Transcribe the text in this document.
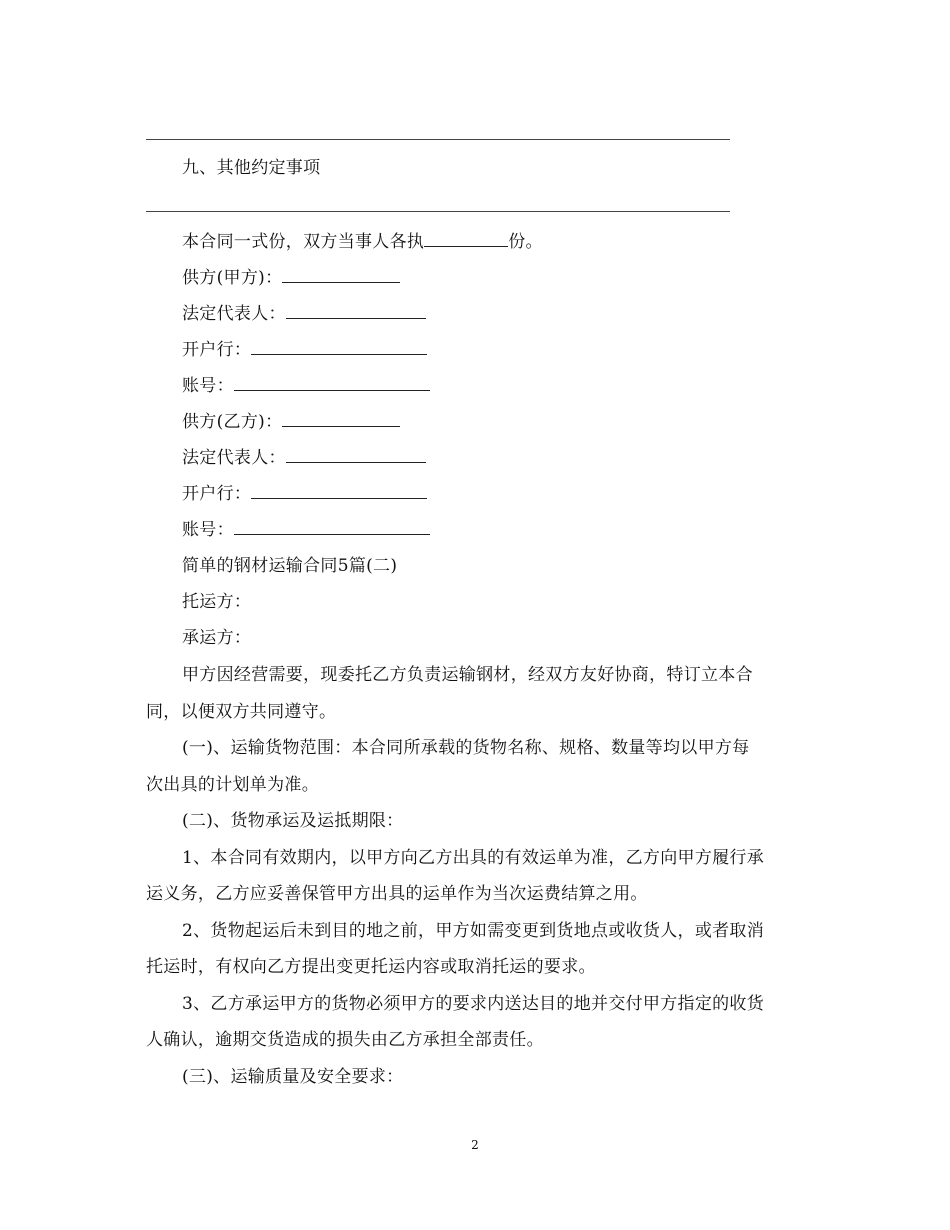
九、其他约定事项
本合同一式份，双方当事人各执	份。
供方(甲方)：
法定代表人：
开户行：
账号：
供方(乙方)：
法定代表人：
开户行：
账号：
简单的钢材运输合同5篇(二)
托运方：
承运方：
甲方因经营需要，现委托乙方负责运输钢材，经双方友好协商，特订立本合
同，以便双方共同遵守。
(一)、运输货物范围：本合同所承载的货物名称、规格、数量等均以甲方每
次出具的计划单为准。
(二)、货物承运及运抵期限：
1、本合同有效期内，以甲方向乙方出具的有效运单为准，乙方向甲方履行承
运义务，乙方应妥善保管甲方出具的运单作为当次运费结算之用。
2、货物起运后未到目的地之前，甲方如需变更到货地点或收货人，或者取消
托运时，有权向乙方提出变更托运内容或取消托运的要求。
3、乙方承运甲方的货物必须甲方的要求内送达目的地并交付甲方指定的收货
人确认，逾期交货造成的损失由乙方承担全部责任。
(三)、运输质量及安全要求：
2
